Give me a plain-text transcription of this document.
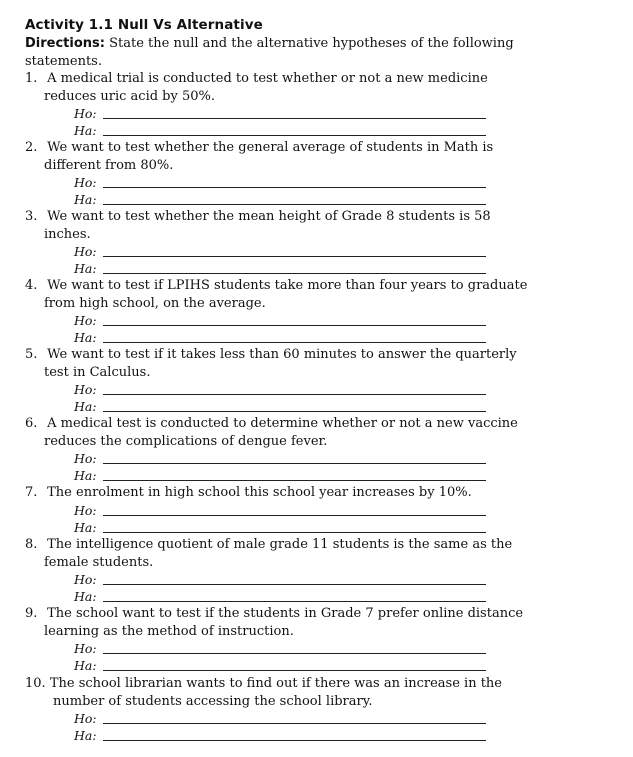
Activity 1.1 Null Vs Alternative
Directions: State the null and the alternative hypotheses of the following
statements.

1. A medical trial is conducted to test whether or not a new medicine
reduces uric acid by 50%.

Ho:
Ha:

2. We want to test whether the general average of students in Math is
different from 80%.

Ho:
Ha:

3. We want to test whether the mean height of Grade 8 students is 58
inches.

Ho:
Ha:

4. We want to test if LPIHS students take more than four years to graduate
from high school, on the average.

Ho:
Ha:

5. We want to test if it takes less than 60 minutes to answer the quarterly
test in Calculus.

Ho:
Ha:

6. A medical test is conducted to determine whether or not a new vaccine
reduces the complications of dengue fever.

Ho:
Ha:

7. The enrolment in high school this school year increases by 10%.

Ho:
Ha:

8. The intelligence quotient of male grade 11 students is the same as the
female students.

Ho:
Ha:

9. The school want to test if the students in Grade 7 prefer online distance
learning as the method of instruction.

Ho:
Ha:

10. The school librarian wants to find out if there was an increase in the
number of students accessing the school library.

Ho:
Ha:
